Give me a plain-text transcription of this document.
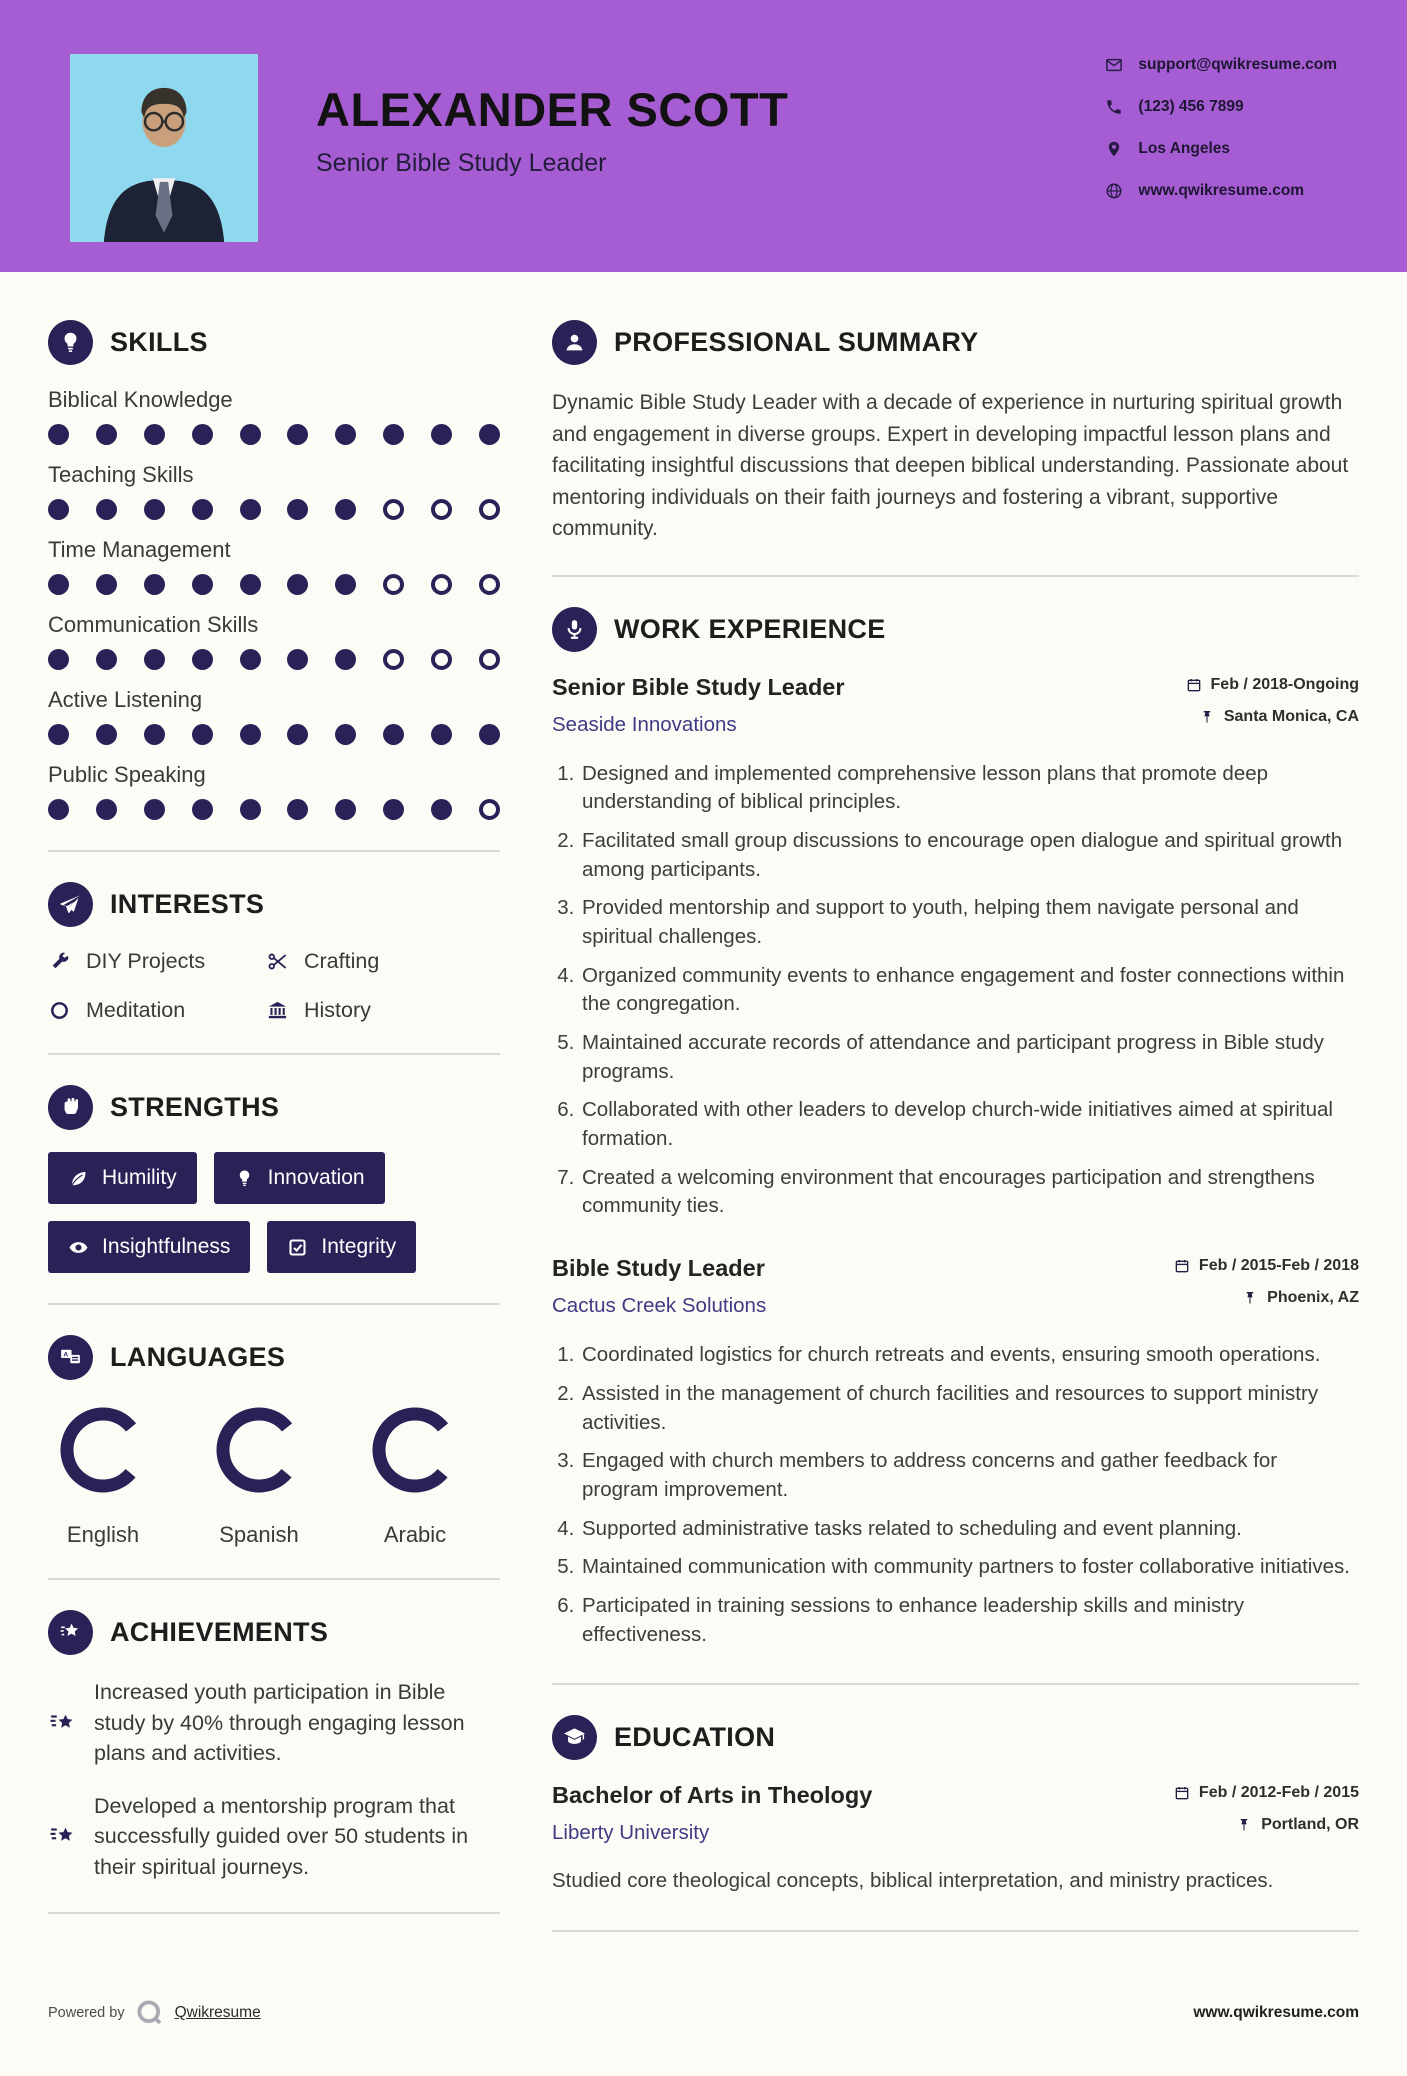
ALEXANDER SCOTT
Senior Bible Study Leader
support@qwikresume.com
(123) 456 7899
Los Angeles
www.qwikresume.com
SKILLS
Biblical Knowledge
Teaching Skills
Time Management
Communication Skills
Active Listening
Public Speaking
INTERESTS
DIY Projects	Crafting
Meditation	History
STRENGTHS
Humility	Innovation
Insightfulness	Integrity
A LANGUAGES
English	Spanish	Arabic
ACHIEVEMENTS

Increased youth participation in Bible study by 40% through engaging lesson plans and activities.

Developed a mentorship program that successfully guided over 50 students in their spiritual journeys.

PROFESSIONAL SUMMARY

Dynamic Bible Study Leader with a decade of experience in nurturing spiritual growth and engagement in diverse groups. Expert in developing impactful lesson plans and facilitating insightful discussions that deepen biblical understanding. Passionate about mentoring individuals on their faith journeys and fostering a vibrant, supportive community.

WORK EXPERIENCE
Senior Bible Study Leader
Seaside Innovations
Feb / 2018-Ongoing
Santa Monica, CA
1. Designed and implemented comprehensive lesson plans that promote deep understanding of biblical principles.
2. Facilitated small group discussions to encourage open dialogue and spiritual growth among participants.
3. Provided mentorship and support to youth, helping them navigate personal and spiritual challenges.
4. Organized community events to enhance engagement and foster connections within the congregation.
5. Maintained accurate records of attendance and participant progress in Bible study programs.
6. Collaborated with other leaders to develop church-wide initiatives aimed at spiritual formation.
7. Created a welcoming environment that encourages participation and strengthens community ties.
Bible Study Leader
Cactus Creek Solutions
Feb / 2015-Feb / 2018
Phoenix, AZ
1. Coordinated logistics for church retreats and events, ensuring smooth operations.
2. Assisted in the management of church facilities and resources to support ministry activities.
3. Engaged with church members to address concerns and gather feedback for program improvement.
4. Supported administrative tasks related to scheduling and event planning.
5. Maintained communication with community partners to foster collaborative initiatives.
6. Participated in training sessions to enhance leadership skills and ministry effectiveness.
EDUCATION
Bachelor of Arts in Theology
Liberty University
Feb / 2012-Feb / 2015
Portland, OR

Studied core theological concepts, biblical interpretation, and ministry practices.

Powered by	Qwikresume	www.qwikresume.com
